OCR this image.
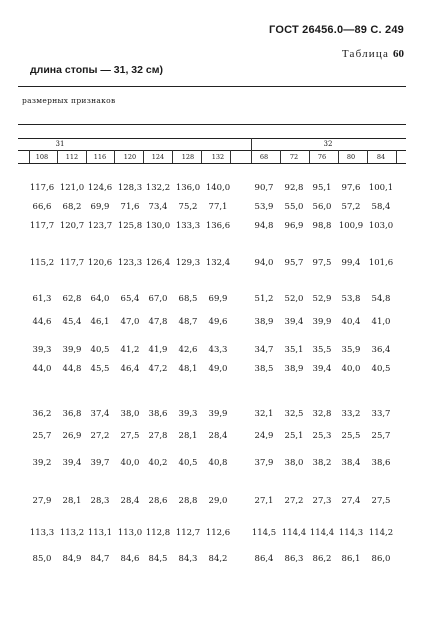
ГОСТ 26456.0—89 С. 249
Таблица 60
длина стопы — 31, 32 см)
размерных признаков
31	32
108	112	116	120	124	128	132	68	72	76	80	84
117,6 121,0 124,6 128,3 132,2 136,0 140,0	90,7	92,8	95,1	97,6 100,1
66,6	68,2	69,9	71,6	73,4	75,2	77,1	53,9	55,0	56,0	57,2	58,4
117,7 120,7 123,7 125,8 130,0 133,3 136,6	94,8	96,9	98,8 100,9 103,0
115,2 117,7 120,6 123,3 126,4 129,3 132,4	94,0	95,7	97,5	99,4 101,6
61,3	62,8	64,0	65,4	67,0	68,5	69,9	51,2	52,0	52,9	53,8	54,8
44,6	45,4	46,1	47,0	47,8	48,7	49,6	38,9	39,4	39,9	40,4	41,0
39,3	39,9	40,5	41,2	41,9	42,6	43,3	34,7	35,1	35,5	35,9	36,4
44,0	44,8	45,5	46,4	47,2	48,1	49,0	38,5	38,9	39,4	40,0	40,5
36,2	36,8	37,4	38,0	38,6	39,3	39,9	32,1	32,5	32,8	33,2	33,7
25,7	26,9	27,2	27,5	27,8	28,1	28,4	24,9	25,1	25,3	25,5	25,7
39,2	39,4	39,7	40,0	40,2	40,5	40,8	37,9	38,0	38,2	38,4	38,6
27,9	28,1	28,3	28,4	28,6	28,8	29,0	27,1	27,2	27,3	27,4	27,5
113,3 113,2 113,1 113,0 112,8 112,7 112,6	114,5 114,4 114,4 114,3 114,2
85,0	84,9	84,7	84,6	84,5	84,3	84,2	86,4	86,3	86,2	86,1	86,0
